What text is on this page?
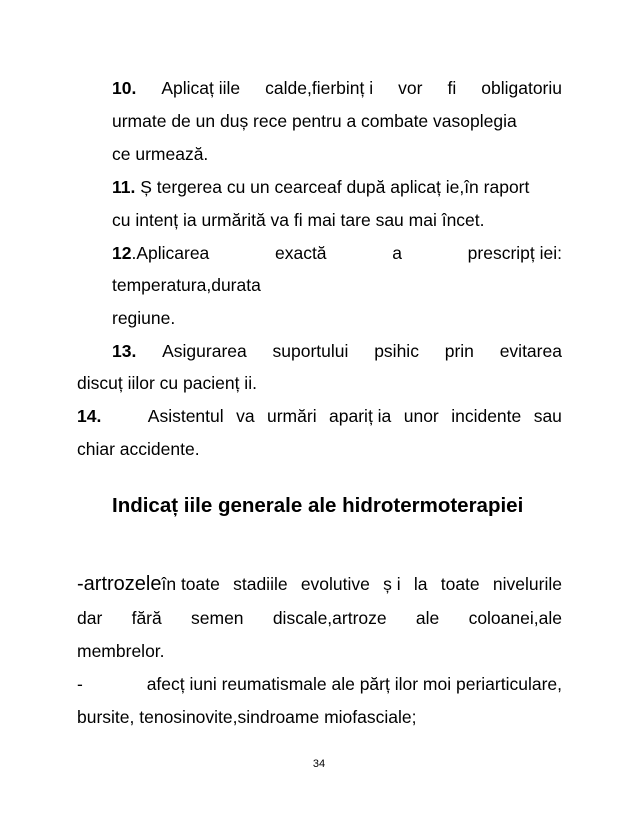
10. Aplicaț iile calde,fierbinț i vor fi obligatoriu
urmate de un duș rece pentru a combate vasoplegia
ce urmează.
11. Ș tergerea cu un cearceaf după aplicaț ie,în raport
cu intenț ia urmărită va fi mai tare sau mai încet.
12.Aplicarea	exactă	a	prescripț iei:
temperatura,durata
regiune.
13. Asigurarea suportului psihic prin evitarea
discuț iilor cu pacienț ii.
14.	Asistentul va urmări apariț ia unor incidente sau
chiar accidente.
Indicaț iile generale ale hidrotermoterapiei
-artrozeleîn toate stadiile evolutive ș i la toate nivelurile
dar fără semen discale,artroze ale coloanei,ale
membrelor.
-	afecț iuni reumatismale ale părț ilor moi periarticulare,
bursite, tenosinovite,sindroame miofasciale;
34
